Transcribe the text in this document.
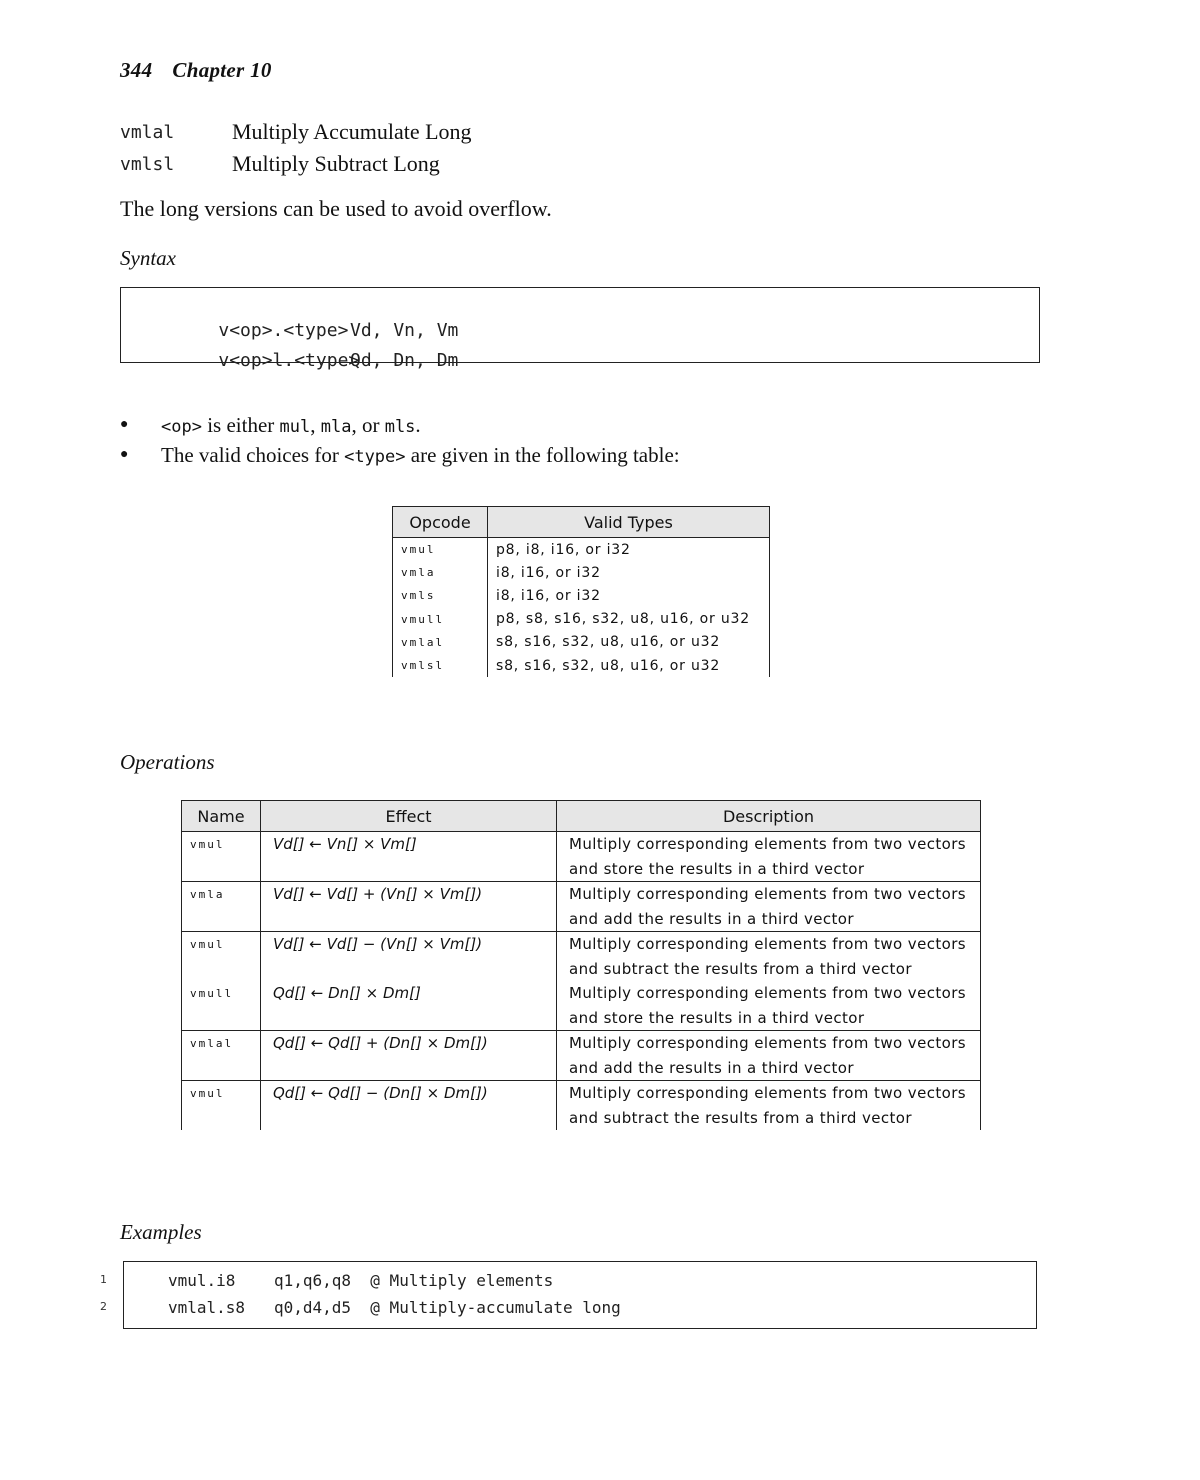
344 Chapter 10
vmlal	Multiply Accumulate Long
vmlsl	Multiply Subtract Long
The long versions can be used to avoid overflow.
Syntax

v<op>.<type> Vd, Vn, Vm

v<op>l.<type>
Qd, Dn, Dm

●	<op> is either mul, mla, or mls.
●	The valid choices for <type> are given in the following table:
Opcode	Valid Types
vmul	p8, i8, i16, or i32
vmla	i8, i16, or i32
vmls	i8, i16, or i32
vmull	p8, s8, s16, s32, u8, u16, or u32
vmlal	s8, s16, s32, u8, u16, or u32
vmlsl	s8, s16, s32, u8, u16, or u32
Operations
Name	Effect	Description
vmul	Vd[] ← Vn[] × Vm[]	Multiply corresponding elements from two vectors and store the results in a third vector
vmla	Vd[] ← Vd[] + (Vn[] × Vm[])	Multiply corresponding elements from two vectors and add the results in a third vector
vmul	Vd[] ← Vd[] − (Vn[] × Vm[])	Multiply corresponding elements from two vectors and subtract the results from a third vector
vmull	Qd[] ← Dn[] × Dm[]	Multiply corresponding elements from two vectors and store the results in a third vector
vmlal	Qd[] ← Qd[] + (Dn[] × Dm[])	Multiply corresponding elements from two vectors and add the results in a third vector
vmul	Qd[] ← Qd[] − (Dn[] × Dm[])	Multiply corresponding elements from two vectors and subtract the results from a third vector
Examples
1
2
vmul.i8    q1,q6,q8  @ Multiply elements
vmlal.s8   q0,d4,d5  @ Multiply-accumulate long
